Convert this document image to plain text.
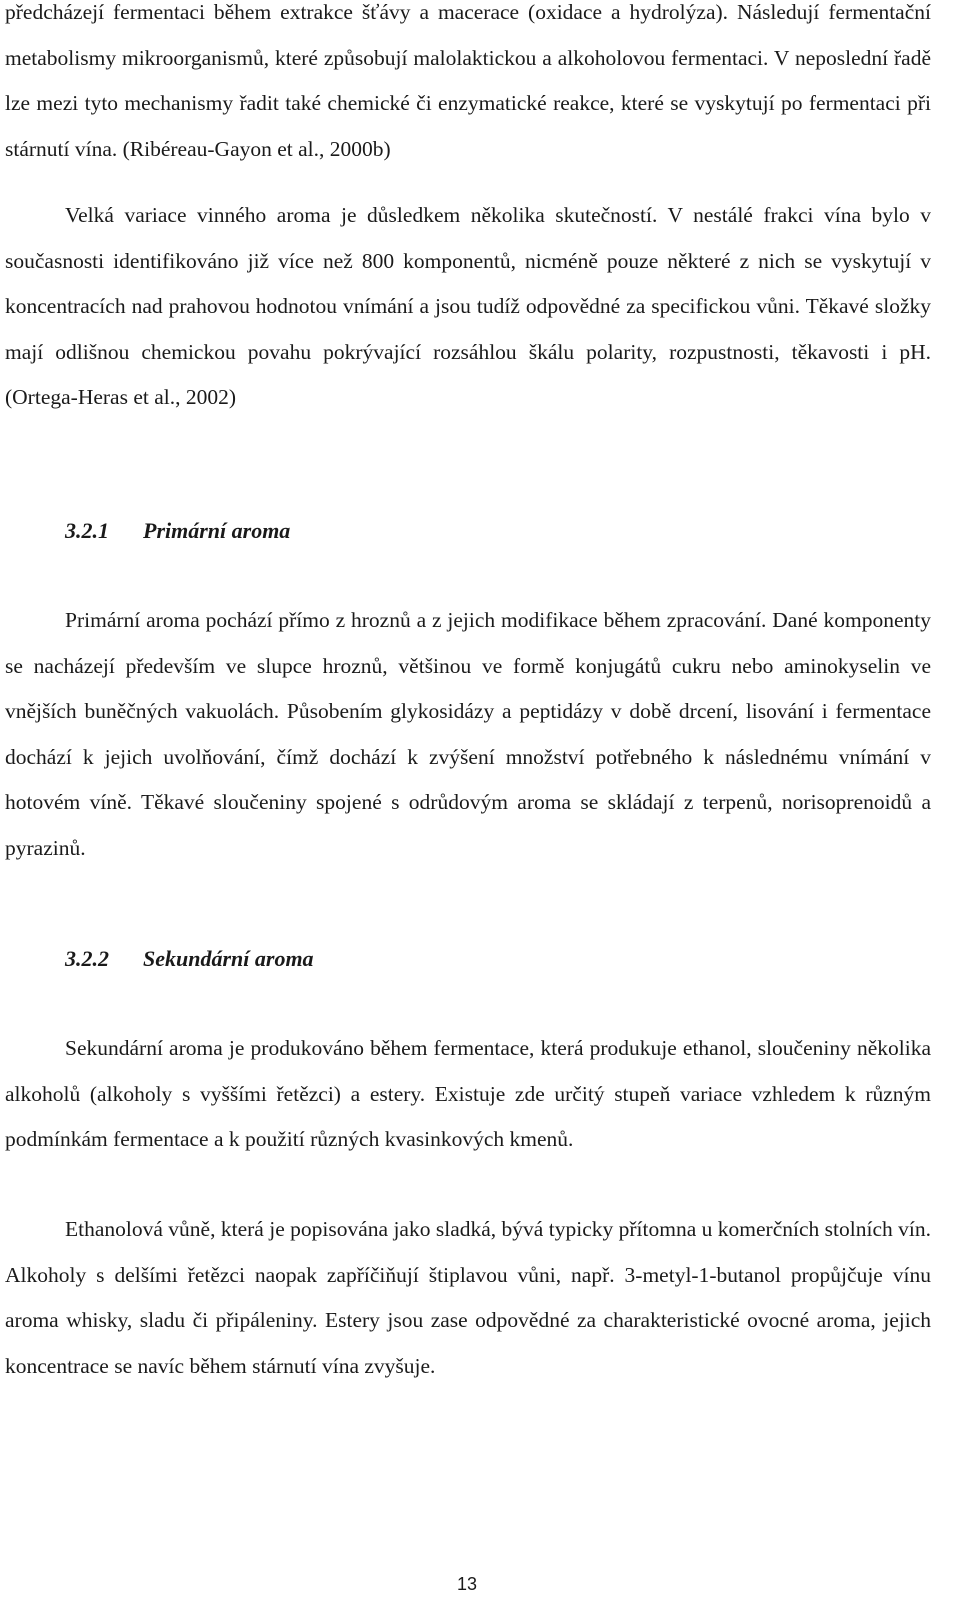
předcházejí fermentaci během extrakce šťávy a macerace (oxidace a hydrolýza). Následují fermentační metabolismy mikroorganismů, které způsobují malolaktickou a alkoholovou fermentaci. V neposlední řadě lze mezi tyto mechanismy řadit také chemické či enzymatické reakce, které se vyskytují po fermentaci při stárnutí vína. (Ribéreau-Gayon et al., 2000b)

Velká variace vinného aroma je důsledkem několika skutečností. V nestálé frakci vína bylo v současnosti identifikováno již více než 800 komponentů, nicméně pouze některé z nich se vyskytují v koncentracích nad prahovou hodnotou vnímání a jsou tudíž odpovědné za specifickou vůni. Těkavé složky mají odlišnou chemickou povahu pokrývající rozsáhlou škálu polarity, rozpustnosti, těkavosti i pH. (Ortega-Heras et al., 2002)

3.2.1 Primární aroma

Primární aroma pochází přímo z hroznů a z jejich modifikace během zpracování. Dané komponenty se nacházejí především ve slupce hroznů, většinou ve formě konjugátů cukru nebo aminokyselin ve vnějších buněčných vakuolách. Působením glykosidázy a peptidázy v době drcení, lisování i fermentace dochází k jejich uvolňování, čímž dochází k zvýšení množství potřebného k následnému vnímání v hotovém víně. Těkavé sloučeniny spojené s odrůdovým aroma se skládají z terpenů, norisoprenoidů a pyrazinů.

3.2.2 Sekundární aroma

Sekundární aroma je produkováno během fermentace, která produkuje ethanol, sloučeniny několika alkoholů (alkoholy s vyššími řetězci) a estery. Existuje zde určitý stupeň variace vzhledem k různým podmínkám fermentace a k použití různých kvasinkových kmenů.

Ethanolová vůně, která je popisována jako sladká, bývá typicky přítomna u komerčních stolních vín. Alkoholy s delšími řetězci naopak zapříčiňují štiplavou vůni, např. 3-metyl-1-butanol propůjčuje vínu aroma whisky, sladu či připáleniny. Estery jsou zase odpovědné za charakteristické ovocné aroma, jejich koncentrace se navíc během stárnutí vína zvyšuje.

13
